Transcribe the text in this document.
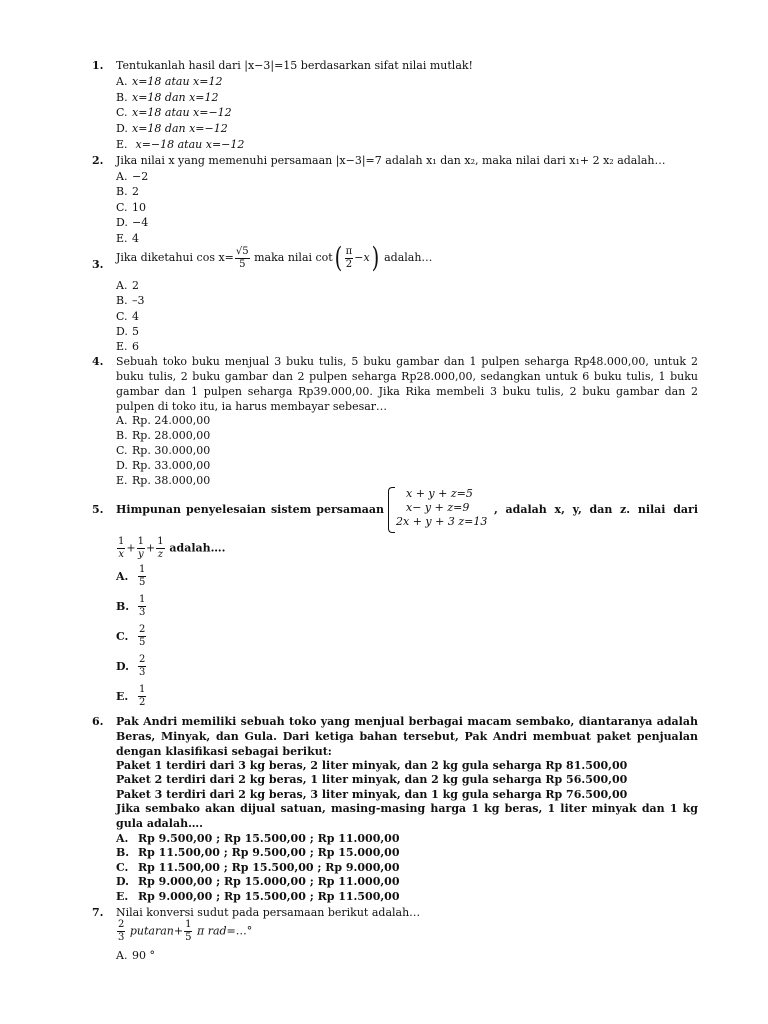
1. Tentukanlah hasil dari |x−3|=15 berdasarkan sifat nilai mutlak!
A. x=18 atau x=12
B. x=18 dan x=12
C. x=18 atau x=−12
D. x=18 dan x=−12
E. x=−18 atau x=−12
2. Jika nilai x yang memenuhi persamaan |x−3|=7 adalah x₁ dan x₂, maka nilai dari x₁+ 2 x₂ adalah…
A. −2
B. 2
C. 10
D. −4
E. 4
3.
Jika diketahui $\cos x= \frac{√5}{5}$ maka nilai $\cot( \frac{\pi}{2} -x)$ adalah…
A. 2
B. –3
C. 4
D. 5
E. 6
4. Sebuah toko buku menjual 3 buku tulis, 5 buku gambar dan 1 pulpen seharga Rp48.000,00, untuk 2 buku tulis, 2 buku gambar dan 2 pulpen seharga Rp28.000,00, sedangkan untuk 6 buku tulis, 1 buku gambar dan 1 pulpen seharga Rp39.000,00. Jika Rika membeli 3 buku tulis, 2 buku gambar dan 2 pulpen di toko itu, ia harus membayar sebesar…
A. Rp. 24.000,00
B. Rp. 28.000,00
C. Rp. 30.000,00
D. Rp. 33.000,00
E. Rp. 38.000,00
5. Himpunan penyelesaian sistem persamaan
x + y + z=5
x− y + z=9
2x + y + 3 z=13
, adalah x, y, dan z. nilai dari
$\frac{1}{x}+ \frac{1}{y}+ \frac{1}{z}$ adalah….
A. $\frac{1}{5}$
B. $\frac{1}{3}$
C. $\frac{2}{5}$
D. $\frac{2}{3}$
E. $\frac{1}{2}$
6. Pak Andri memiliki sebuah toko yang menjual berbagai macam sembako, diantaranya adalah Beras, Minyak, dan Gula. Dari ketiga bahan tersebut, Pak Andri membuat paket penjualan dengan klasifikasi sebagai berikut:
Paket 1 terdiri dari 3 kg beras, 2 liter minyak, dan 2 kg gula seharga Rp 81.500,00
Paket 2 terdiri dari 2 kg beras, 1 liter minyak, dan 2 kg gula seharga Rp 56.500,00
Paket 3 terdiri dari 2 kg beras, 3 liter minyak, dan 1 kg gula seharga Rp 76.500,00
Jika sembako akan dijual satuan, masing-masing harga 1 kg beras, 1 liter minyak dan 1 kg gula adalah….
A. Rp 9.500,00 ; Rp 15.500,00 ; Rp 11.000,00
B. Rp 11.500,00 ; Rp 9.500,00 ; Rp 15.000,00
C. Rp 11.500,00 ; Rp 15.500,00 ; Rp 9.000,00
D. Rp 9.000,00 ; Rp 15.000,00 ; Rp 11.000,00
E. Rp 9.000,00 ; Rp 15.500,00 ; Rp 11.500,00
7. Nilai konversi sudut pada persamaan berikut adalah…
$\frac{2}{3}$ putaran+ $\frac{1}{5}$ π rad=…°
A. 90 °
